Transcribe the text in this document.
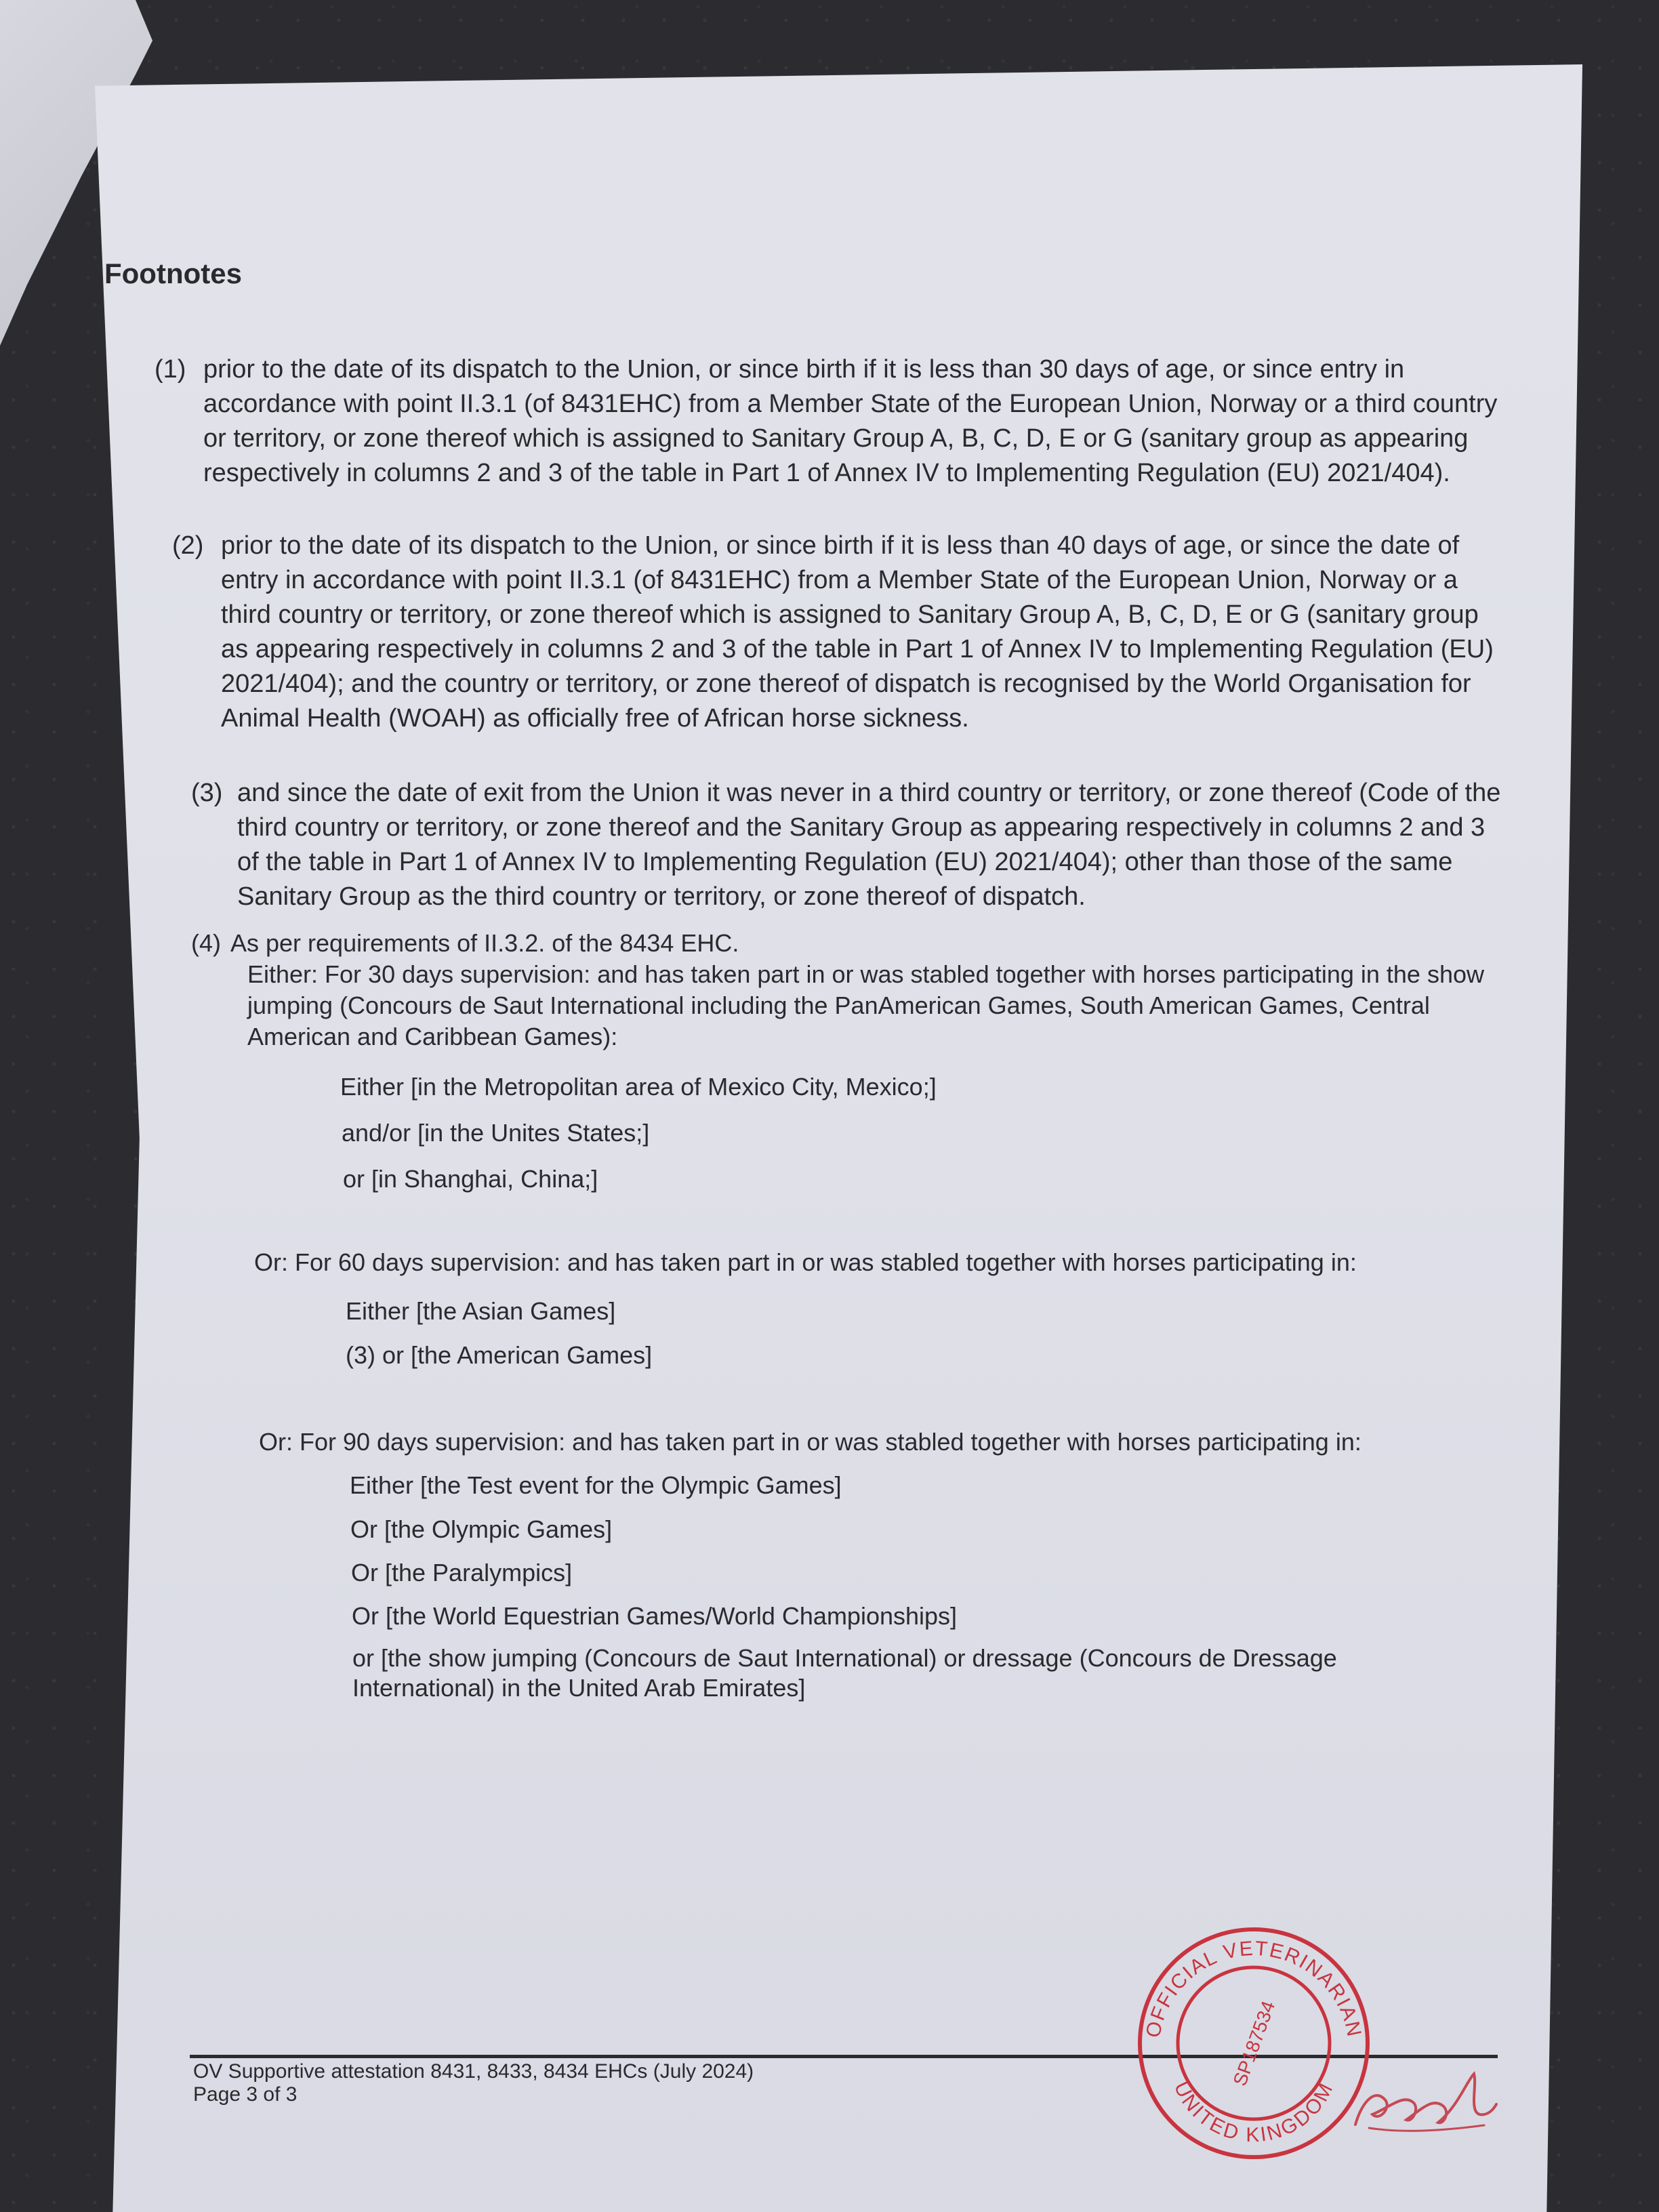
Footnotes
(1) prior to the date of its dispatch to the Union, or since birth if it is less than 30 days of age, or since entry in accordance with point II.3.1 (of 8431EHC) from a Member State of the European Union, Norway or a third country or territory, or zone thereof which is assigned to Sanitary Group A, B, C, D, E or G (sanitary group as appearing respectively in columns 2 and 3 of the table in Part 1 of Annex IV to Implementing Regulation (EU) 2021/404).
(2) prior to the date of its dispatch to the Union, or since birth if it is less than 40 days of age, or since the date of entry in accordance with point II.3.1 (of 8431EHC) from a Member State of the European Union, Norway or a third country or territory, or zone thereof which is assigned to Sanitary Group A, B, C, D, E or G (sanitary group as appearing respectively in columns 2 and 3 of the table in Part 1 of Annex IV to Implementing Regulation (EU) 2021/404); and the country or territory, or zone thereof of dispatch is recognised by the World Organisation for Animal Health (WOAH) as officially free of African horse sickness.
(3) and since the date of exit from the Union it was never in a third country or territory, or zone thereof (Code of the third country or territory, or zone thereof and the Sanitary Group as appearing respectively in columns 2 and 3 of the table in Part 1 of Annex IV to Implementing Regulation (EU) 2021/404); other than those of the same Sanitary Group as the third country or territory, or zone thereof of dispatch.
(4) As per requirements of II.3.2. of the 8434 EHC.
Either: For 30 days supervision: and has taken part in or was stabled together with horses participating in the show jumping (Concours de Saut International including the PanAmerican Games, South American Games, Central American and Caribbean Games):
Either [in the Metropolitan area of Mexico City, Mexico;]
and/or [in the Unites States;]
or [in Shanghai, China;]
Or: For 60 days supervision: and has taken part in or was stabled together with horses participating in:
Either [the Asian Games]
(3) or [the American Games]
Or: For 90 days supervision: and has taken part in or was stabled together with horses participating in:
Either [the Test event for the Olympic Games]
Or [the Olympic Games]
Or [the Paralympics]
Or [the World Equestrian Games/World Championships]
or [the show jumping (Concours de Saut International) or dressage (Concours de Dressage International) in the United Arab Emirates]
OV Supportive attestation 8431, 8433, 8434 EHCs (July 2024)
Page 3 of 3
OFFICIAL VETERINARIAN
UNITED KINGDOM
SP187534
